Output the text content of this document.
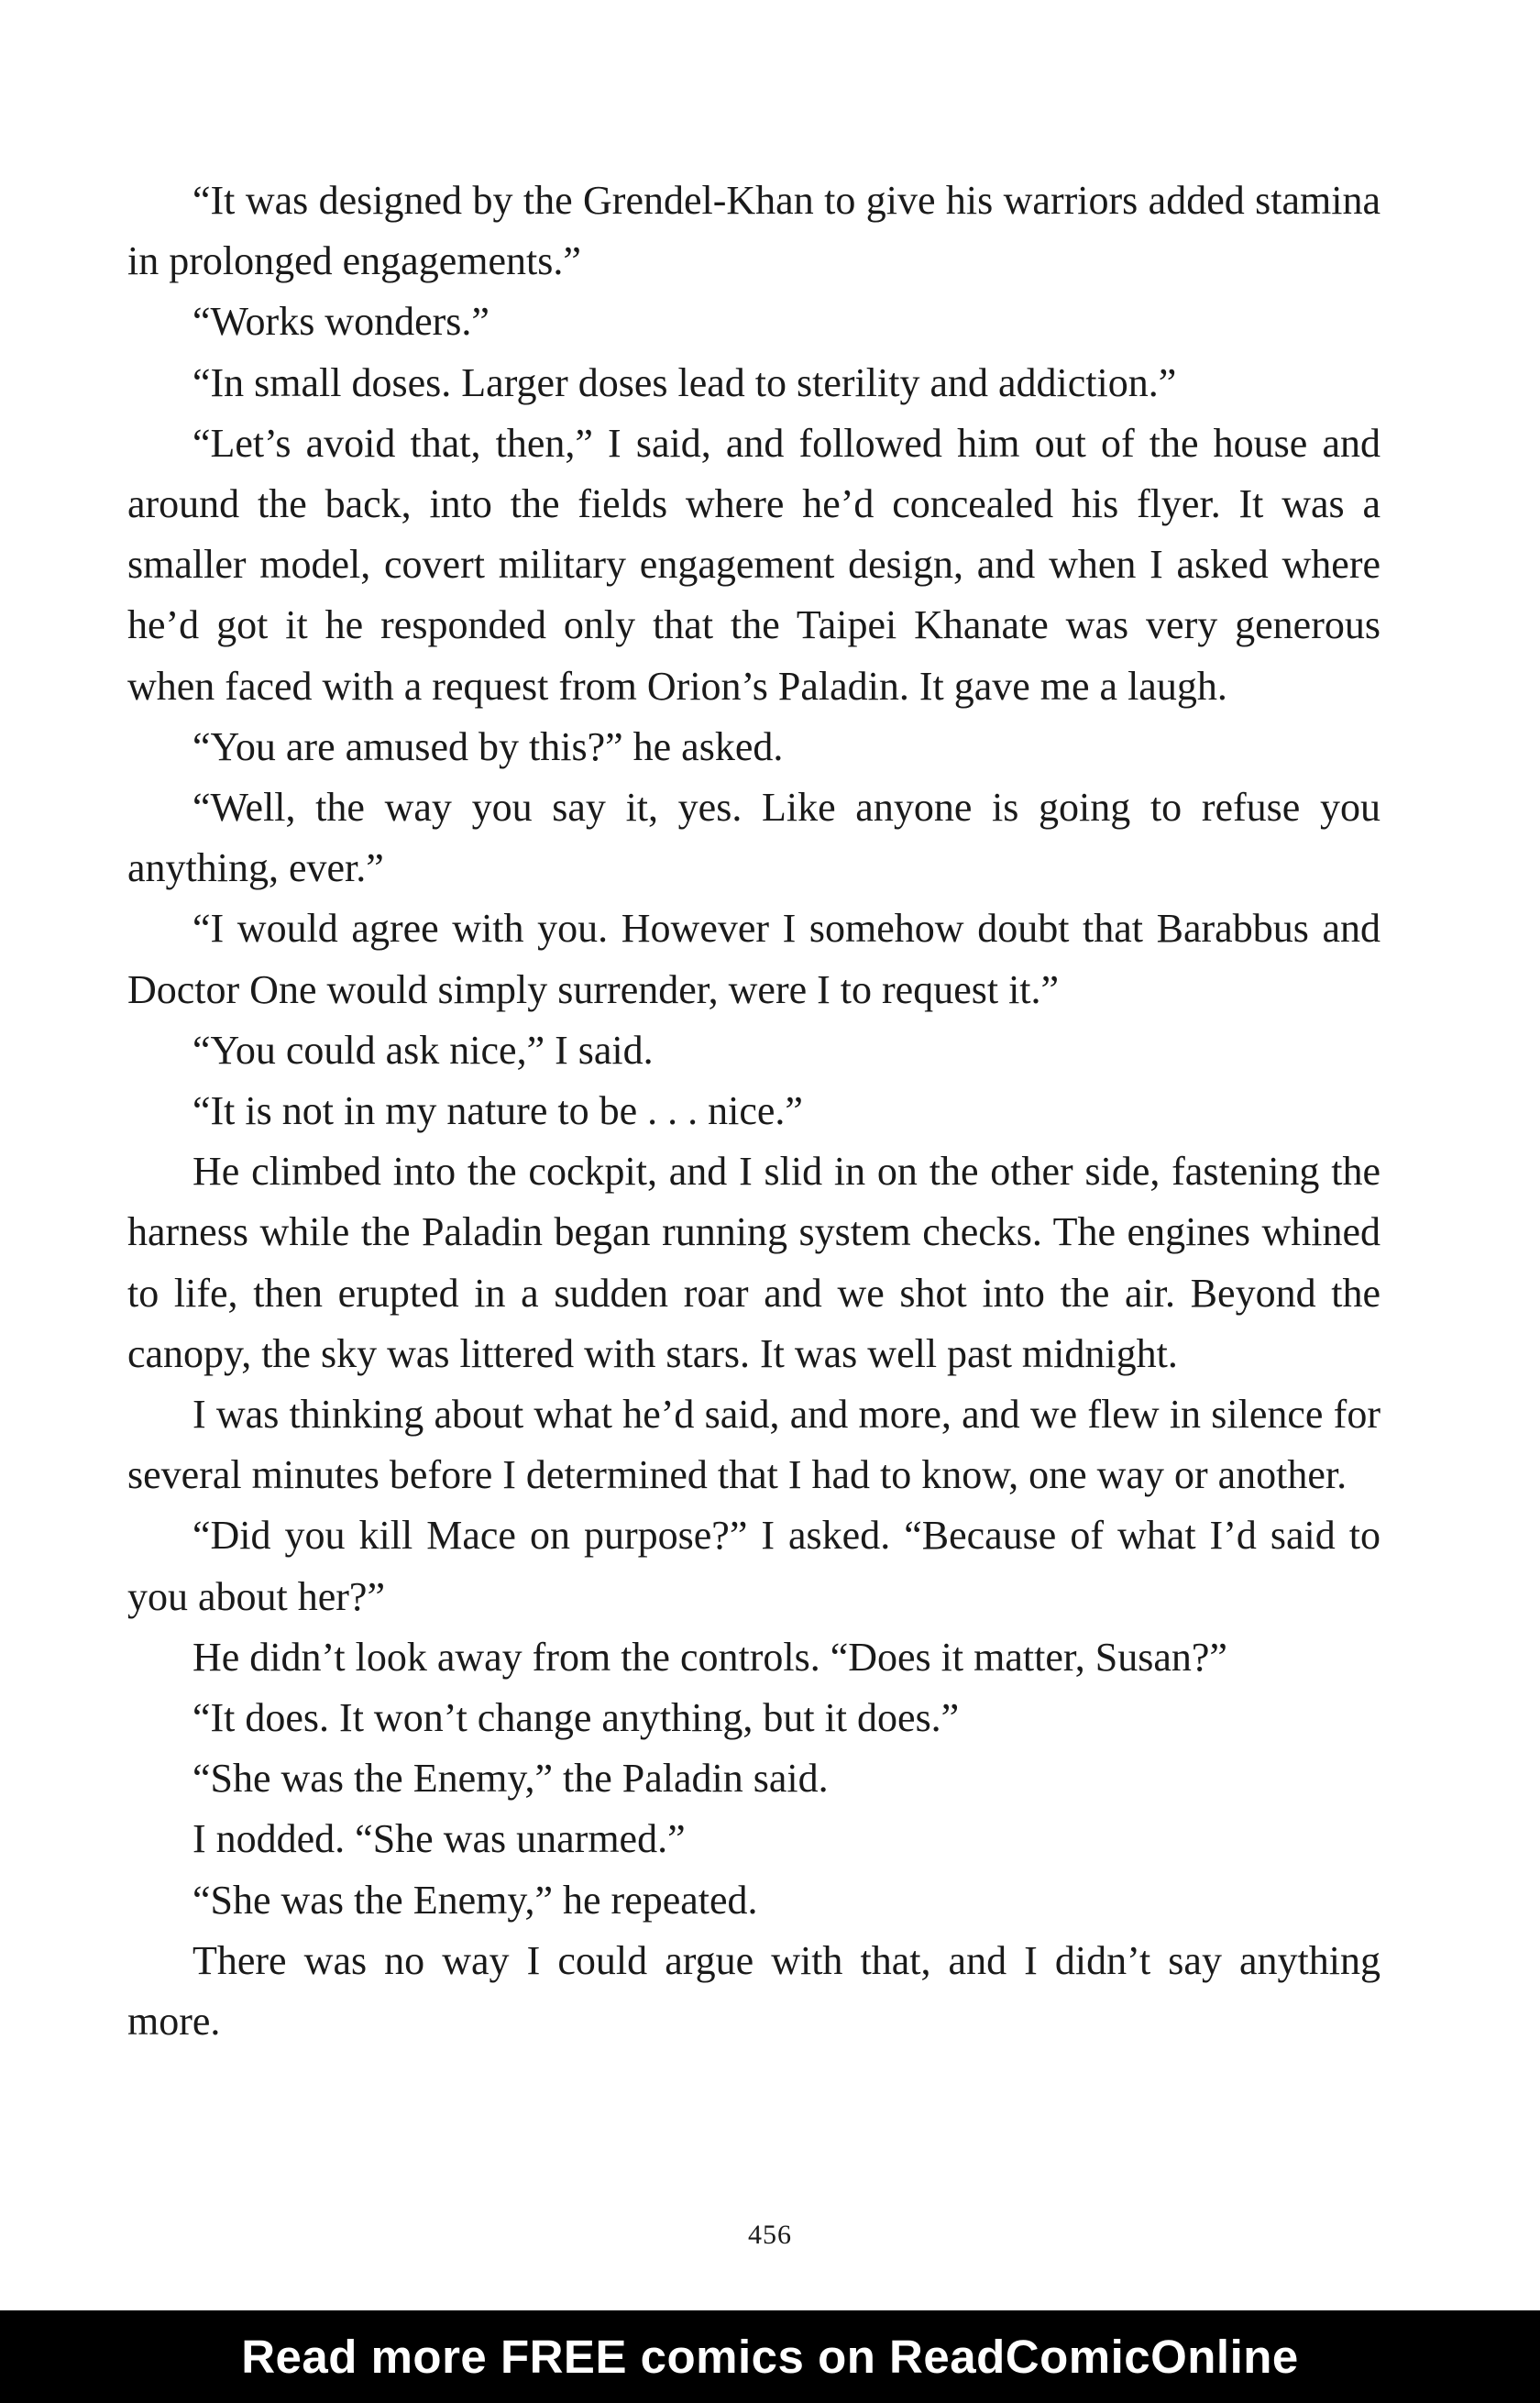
“It was designed by the Grendel-Khan to give his warriors added stamina in prolonged engagements.”

“Works wonders.”

“In small doses. Larger doses lead to sterility and addiction.”

“Let’s avoid that, then,” I said, and followed him out of the house and around the back, into the fields where he’d concealed his flyer. It was a smaller model, covert military engagement design, and when I asked where he’d got it he responded only that the Taipei Khanate was very generous when faced with a request from Orion’s Paladin. It gave me a laugh.

“You are amused by this?” he asked.

“Well, the way you say it, yes. Like anyone is going to refuse you anything, ever.”

“I would agree with you. However I somehow doubt that Barabbus and Doctor One would simply surrender, were I to request it.”

“You could ask nice,” I said.

“It is not in my nature to be . . . nice.”

He climbed into the cockpit, and I slid in on the other side, fastening the harness while the Paladin began running system checks. The engines whined to life, then erupted in a sudden roar and we shot into the air. Beyond the canopy, the sky was littered with stars. It was well past midnight.

I was thinking about what he’d said, and more, and we flew in silence for several minutes before I determined that I had to know, one way or another.

“Did you kill Mace on purpose?” I asked. “Because of what I’d said to you about her?”

He didn’t look away from the controls. “Does it matter, Susan?”

“It does. It won’t change anything, but it does.”

“She was the Enemy,” the Paladin said.

I nodded. “She was unarmed.”

“She was the Enemy,” he repeated.

There was no way I could argue with that, and I didn’t say anything more.

456
Read more FREE comics on ReadComicOnline
